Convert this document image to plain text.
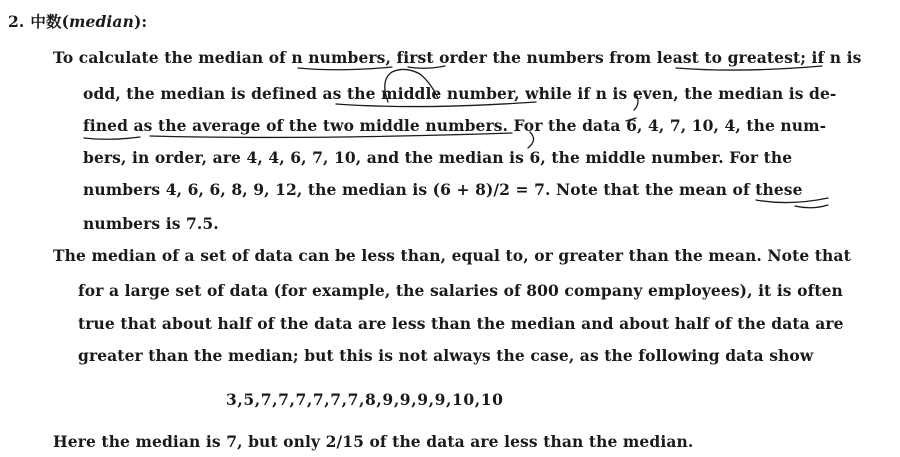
2. 中数(median):
To calculate the median of n numbers, first order the numbers from least to greatest; if n is
odd, the median is defined as the middle number, while if n is even, the median is de-
fined as the average of the two middle numbers. For the data 6, 4, 7, 10, 4, the num-
bers, in order, are 4, 4, 6, 7, 10, and the median is 6, the middle number. For the
numbers 4, 6, 6, 8, 9, 12, the median is (6 + 8)/2 = 7. Note that the mean of these
numbers is 7.5.
The median of a set of data can be less than, equal to, or greater than the mean. Note that
for a large set of data (for example, the salaries of 800 company employees), it is often
true that about half of the data are less than the median and about half of the data are
greater than the median; but this is not always the case, as the following data show
3,5,7,7,7,7,7,7,8,9,9,9,9,10,10
Here the median is 7, but only 2/15 of the data are less than the median.
